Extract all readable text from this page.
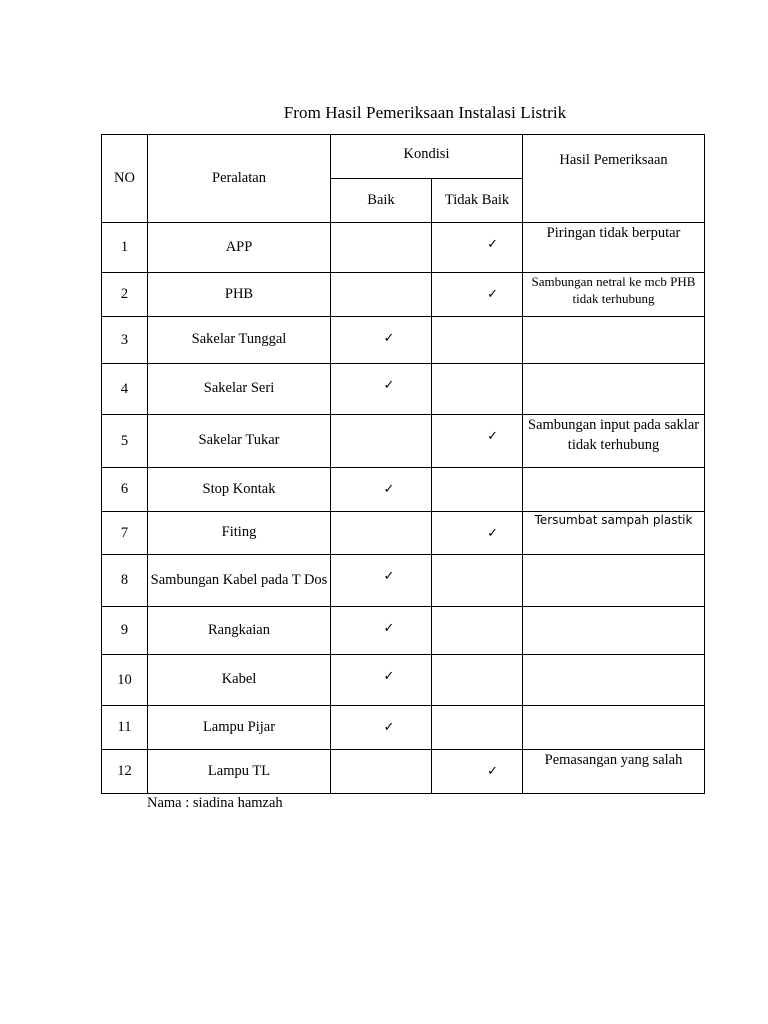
From Hasil Pemeriksaan Instalasi Listrik
NO	Peralatan	Kondisi		Hasil Pemeriksaan
		Baik	Tidak Baik	
1	APP		✓	Piringan tidak berputar
2	PHB		✓	Sambungan netral ke mcb PHB tidak terhubung
3	Sakelar Tunggal	✓		
4	Sakelar Seri	✓		
5	Sakelar Tukar		✓	Sambungan input pada saklar tidak terhubung
6	Stop Kontak	✓		
7	Fiting		✓	Tersumbat sampah plastik
8	Sambungan Kabel pada T Dos	✓		
9	Rangkaian	✓		
10	Kabel	✓		
11	Lampu Pijar	✓		
12	Lampu TL		✓	Pemasangan yang salah
Nama : siadina hamzah
